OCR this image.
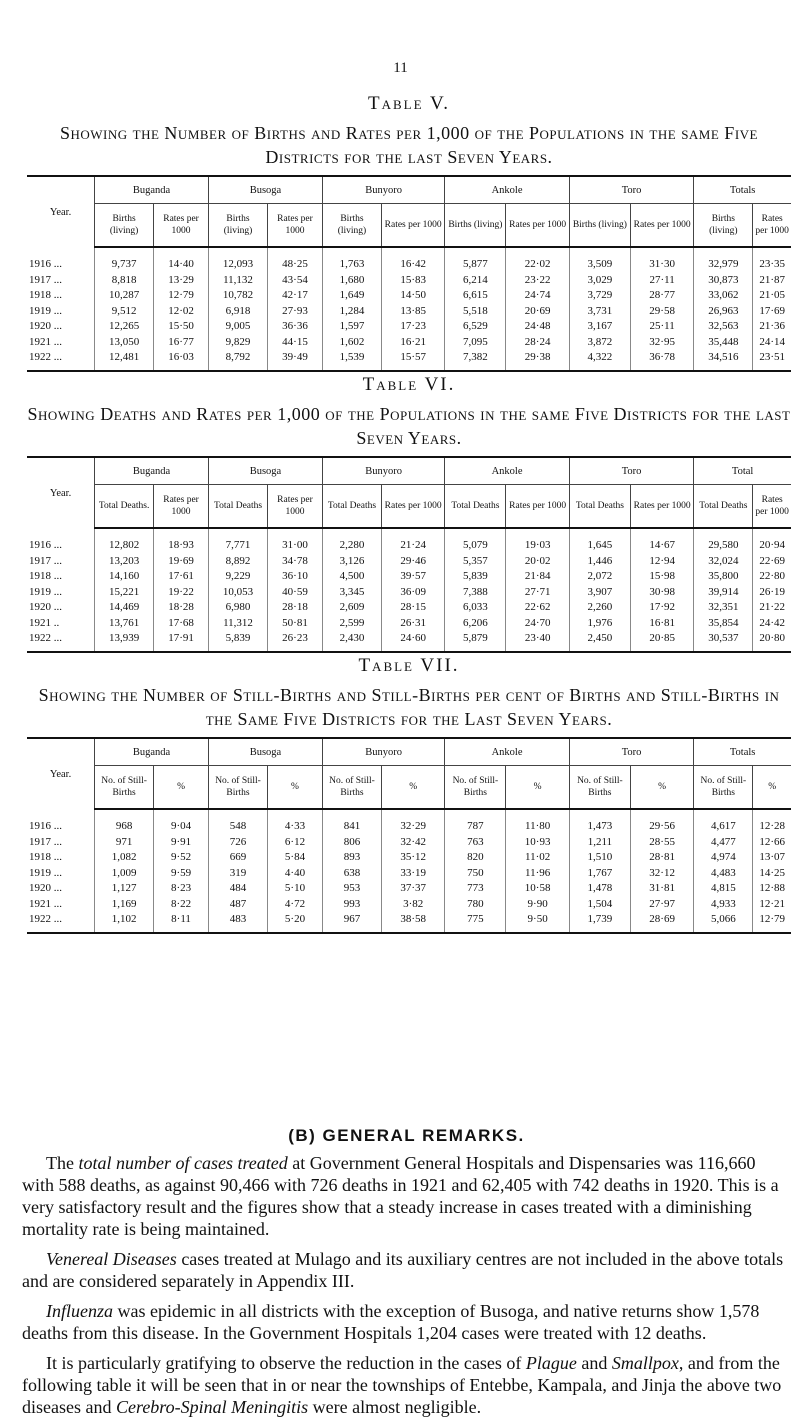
11

Table V.

Showing the Number of Births and Rates per 1,000 of the Populations in the same Five Districts for the last Seven Years.

Year.	Buganda		Busoga		Bunyoro		Ankole		Toro		Totals	
	Births (living)	Rates per 1000	Births (living)	Rates per 1000	Births (living)	Rates per 1000	Births (living)	Rates per 1000	Births (living)	Rates per 1000	Births (living)	Rates per 1000
1916 ...	9,737	14·40	12,093	48·25	1,763	16·42	5,877	22·02	3,509	31·30	32,979	23·35
1917 ...	8,818	13·29	11,132	43·54	1,680	15·83	6,214	23·22	3,029	27·11	30,873	21·87
1918 ...	10,287	12·79	10,782	42·17	1,649	14·50	6,615	24·74	3,729	28·77	33,062	21·05
1919 ...	9,512	12·02	6,918	27·93	1,284	13·85	5,518	20·69	3,731	29·58	26,963	17·69
1920 ...	12,265	15·50	9,005	36·36	1,597	17·23	6,529	24·48	3,167	25·11	32,563	21·36
1921 ...	13,050	16·77	9,829	44·15	1,602	16·21	7,095	28·24	3,872	32·95	35,448	24·14
1922 ...	12,481	16·03	8,792	39·49	1,539	15·57	7,382	29·38	4,322	36·78	34,516	23·51

Table VI.

Showing Deaths and Rates per 1,000 of the Populations in the same Five Districts for the last Seven Years.

Year.	Buganda		Busoga		Bunyoro		Ankole		Toro		Total	
	Total Deaths.	Rates per 1000	Total Deaths	Rates per 1000	Total Deaths	Rates per 1000	Total Deaths	Rates per 1000	Total Deaths	Rates per 1000	Total Deaths	Rates per 1000
1916 ...	12,802	18·93	7,771	31·00	2,280	21·24	5,079	19·03	1,645	14·67	29,580	20·94
1917 ...	13,203	19·69	8,892	34·78	3,126	29·46	5,357	20·02	1,446	12·94	32,024	22·69
1918 ...	14,160	17·61	9,229	36·10	4,500	39·57	5,839	21·84	2,072	15·98	35,800	22·80
1919 ...	15,221	19·22	10,053	40·59	3,345	36·09	7,388	27·71	3,907	30·98	39,914	26·19
1920 ...	14,469	18·28	6,980	28·18	2,609	28·15	6,033	22·62	2,260	17·92	32,351	21·22
1921 ..	13,761	17·68	11,312	50·81	2,599	26·31	6,206	24·70	1,976	16·81	35,854	24·42
1922 ...	13,939	17·91	5,839	26·23	2,430	24·60	5,879	23·40	2,450	20·85	30,537	20·80

Table VII.

Showing the Number of Still-Births and Still-Births per cent of Births and Still-Births in the Same Five Districts for the Last Seven Years.

Year.	Buganda		Busoga		Bunyoro		Ankole		Toro		Totals	
	No. of Still-Births	%	No. of Still-Births	%	No. of Still-Births	%	No. of Still-Births	%	No. of Still-Births	%	No. of Still-Births	%
1916 ...	968	9·04	548	4·33	841	32·29	787	11·80	1,473	29·56	4,617	12·28
1917 ...	971	9·91	726	6·12	806	32·42	763	10·93	1,211	28·55	4,477	12·66
1918 ...	1,082	9·52	669	5·84	893	35·12	820	11·02	1,510	28·81	4,974	13·07
1919 ...	1,009	9·59	319	4·40	638	33·19	750	11·96	1,767	32·12	4,483	14·25
1920 ...	1,127	8·23	484	5·10	953	37·37	773	10·58	1,478	31·81	4,815	12·88
1921 ...	1,169	8·22	487	4·72	993	3·82	780	9·90	1,504	27·97	4,933	12·21
1922 ...	1,102	8·11	483	5·20	967	38·58	775	9·50	1,739	28·69	5,066	12·79

(B) GENERAL REMARKS.

The total number of cases treated at Government General Hospitals and Dispensaries was 116,660 with 588 deaths, as against 90,466 with 726 deaths in 1921 and 62,405 with 742 deaths in 1920. This is a very satisfactory result and the figures show that a steady increase in cases treated with a diminishing mortality rate is being maintained.

Venereal Diseases cases treated at Mulago and its auxiliary centres are not included in the above totals and are considered separately in Appendix III.

Influenza was epidemic in all districts with the exception of Busoga, and native returns show 1,578 deaths from this disease. In the Government Hospitals 1,204 cases were treated with 12 deaths.

It is particularly gratifying to observe the reduction in the cases of Plague and Smallpox, and from the following table it will be seen that in or near the townships of Entebbe, Kampala, and Jinja the above two diseases and Cerebro-Spinal Meningitis were almost negligible.
